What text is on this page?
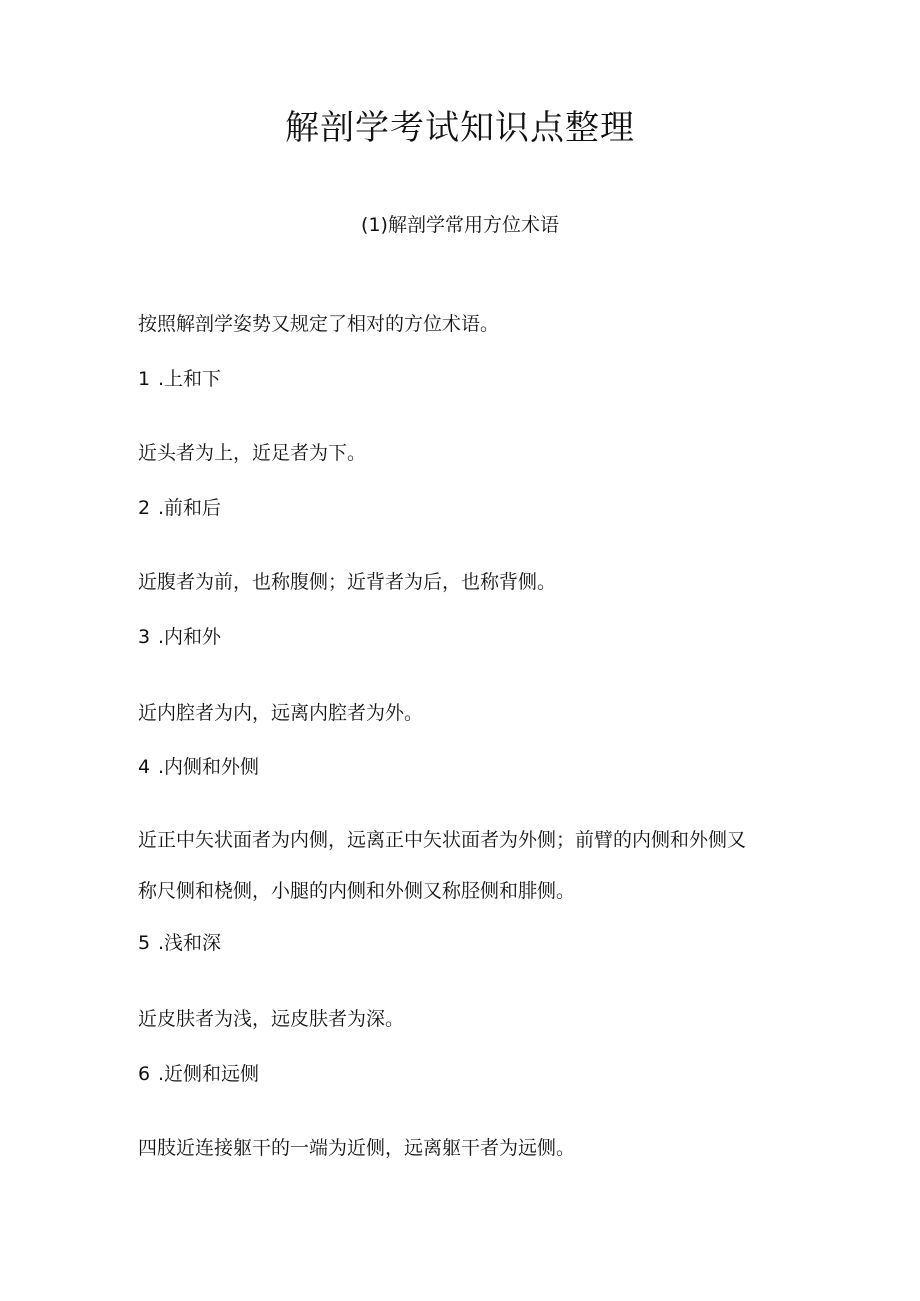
解剖学考试知识点整理
(1)解剖学常用方位术语
按照解剖学姿势又规定了相对的方位术语。
1 .上和下
近头者为上，近足者为下。
2 .前和后
近腹者为前，也称腹侧；近背者为后，也称背侧。
3 .内和外
近内腔者为内，远离内腔者为外。
4 .内侧和外侧
近正中矢状面者为内侧，远离正中矢状面者为外侧；前臂的内侧和外侧又
称尺侧和桡侧，小腿的内侧和外侧又称胫侧和腓侧。
5 .浅和深
近皮肤者为浅，远皮肤者为深。
6 .近侧和远侧
四肢近连接躯干的一端为近侧，远离躯干者为远侧。
